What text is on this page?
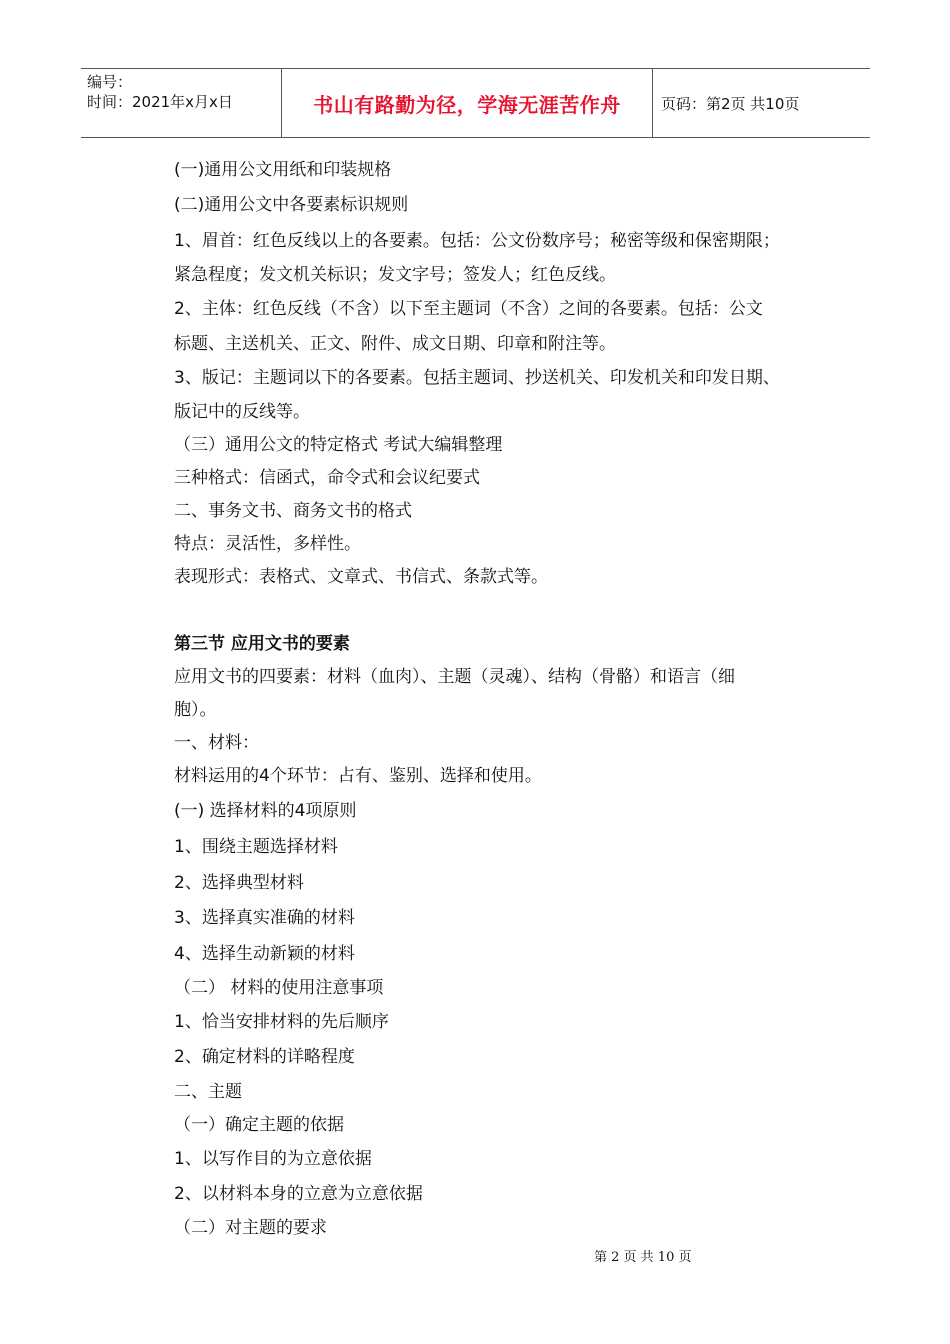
编号：
时间：2021年x月x日	书山有路勤为径，学海无涯苦作舟	页码：第2页 共10页
(一)通用公文用纸和印装规格
(二)通用公文中各要素标识规则
1、眉首：红色反线以上的各要素。包括：公文份数序号；秘密等级和保密期限；
紧急程度；发文机关标识；发文字号；签发人；红色反线。
2、主体：红色反线（不含）以下至主题词（不含）之间的各要素。包括：公文
标题、主送机关、正文、附件、成文日期、印章和附注等。
3、版记：主题词以下的各要素。包括主题词、抄送机关、印发机关和印发日期、
版记中的反线等。
（三）通用公文的特定格式 考试大编辑整理
三种格式：信函式，命令式和会议纪要式
二、事务文书、商务文书的格式
特点：灵活性，多样性。
表现形式：表格式、文章式、书信式、条款式等。
第三节 应用文书的要素
应用文书的四要素：材料（血肉）、主题（灵魂）、结构（骨骼）和语言（细
胞）。
一、材料：
材料运用的4个环节：占有、鉴别、选择和使用。
(一) 选择材料的4项原则
1、围绕主题选择材料
2、选择典型材料
3、选择真实准确的材料
4、选择生动新颖的材料
（二） 材料的使用注意事项
1、恰当安排材料的先后顺序
2、确定材料的详略程度
二、主题
（一）确定主题的依据
1、以写作目的为立意依据
2、以材料本身的立意为立意依据
（二）对主题的要求
第 2 页 共 10 页
